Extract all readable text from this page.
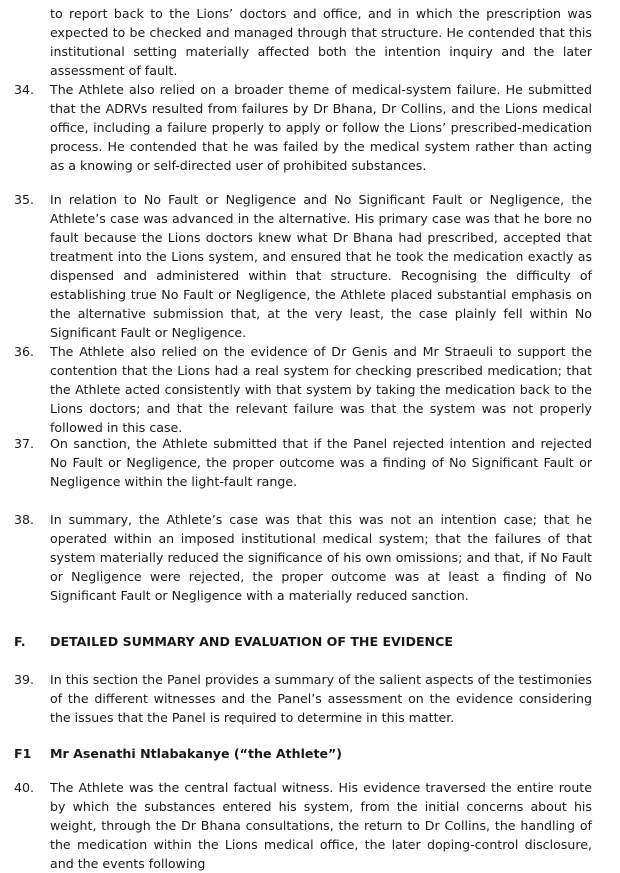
to report back to the Lions’ doctors and office, and in which the prescription was expected to be checked and managed through that structure. He contended that this institutional setting materially affected both the intention inquiry and the later assessment of fault.
34.	The Athlete also relied on a broader theme of medical-system failure. He submitted that the ADRVs resulted from failures by Dr Bhana, Dr Collins, and the Lions medical office, including a failure properly to apply or follow the Lions’ prescribed-medication process. He contended that he was failed by the medical system rather than acting as a knowing or self-directed user of prohibited substances.
35.	In relation to No Fault or Negligence and No Significant Fault or Negligence, the Athlete’s case was advanced in the alternative. His primary case was that he bore no fault because the Lions doctors knew what Dr Bhana had prescribed, accepted that treatment into the Lions system, and ensured that he took the medication exactly as dispensed and administered within that structure. Recognising the difficulty of establishing true No Fault or Negligence, the Athlete placed substantial emphasis on the alternative submission that, at the very least, the case plainly fell within No Significant Fault or Negligence.
36.	The Athlete also relied on the evidence of Dr Genis and Mr Straeuli to support the contention that the Lions had a real system for checking prescribed medication; that the Athlete acted consistently with that system by taking the medication back to the Lions doctors; and that the relevant failure was that the system was not properly followed in this case.
37.	On sanction, the Athlete submitted that if the Panel rejected intention and rejected No Fault or Negligence, the proper outcome was a finding of No Significant Fault or Negligence within the light-fault range.
38.	In summary, the Athlete’s case was that this was not an intention case; that he operated within an imposed institutional medical system; that the failures of that system materially reduced the significance of his own omissions; and that, if No Fault or Negligence were rejected, the proper outcome was at least a finding of No Significant Fault or Negligence with a materially reduced sanction.
F. DETAILED SUMMARY AND EVALUATION OF THE EVIDENCE
39.	In this section the Panel provides a summary of the salient aspects of the testimonies of the different witnesses and the Panel’s assessment on the evidence considering the issues that the Panel is required to determine in this matter.
F1 Mr Asenathi Ntlabakanye (“the Athlete”)
40.	The Athlete was the central factual witness. His evidence traversed the entire route by which the substances entered his system, from the initial concerns about his weight, through the Dr Bhana consultations, the return to Dr Collins, the handling of the medication within the Lions medical office, the later doping-control disclosure, and the events following
